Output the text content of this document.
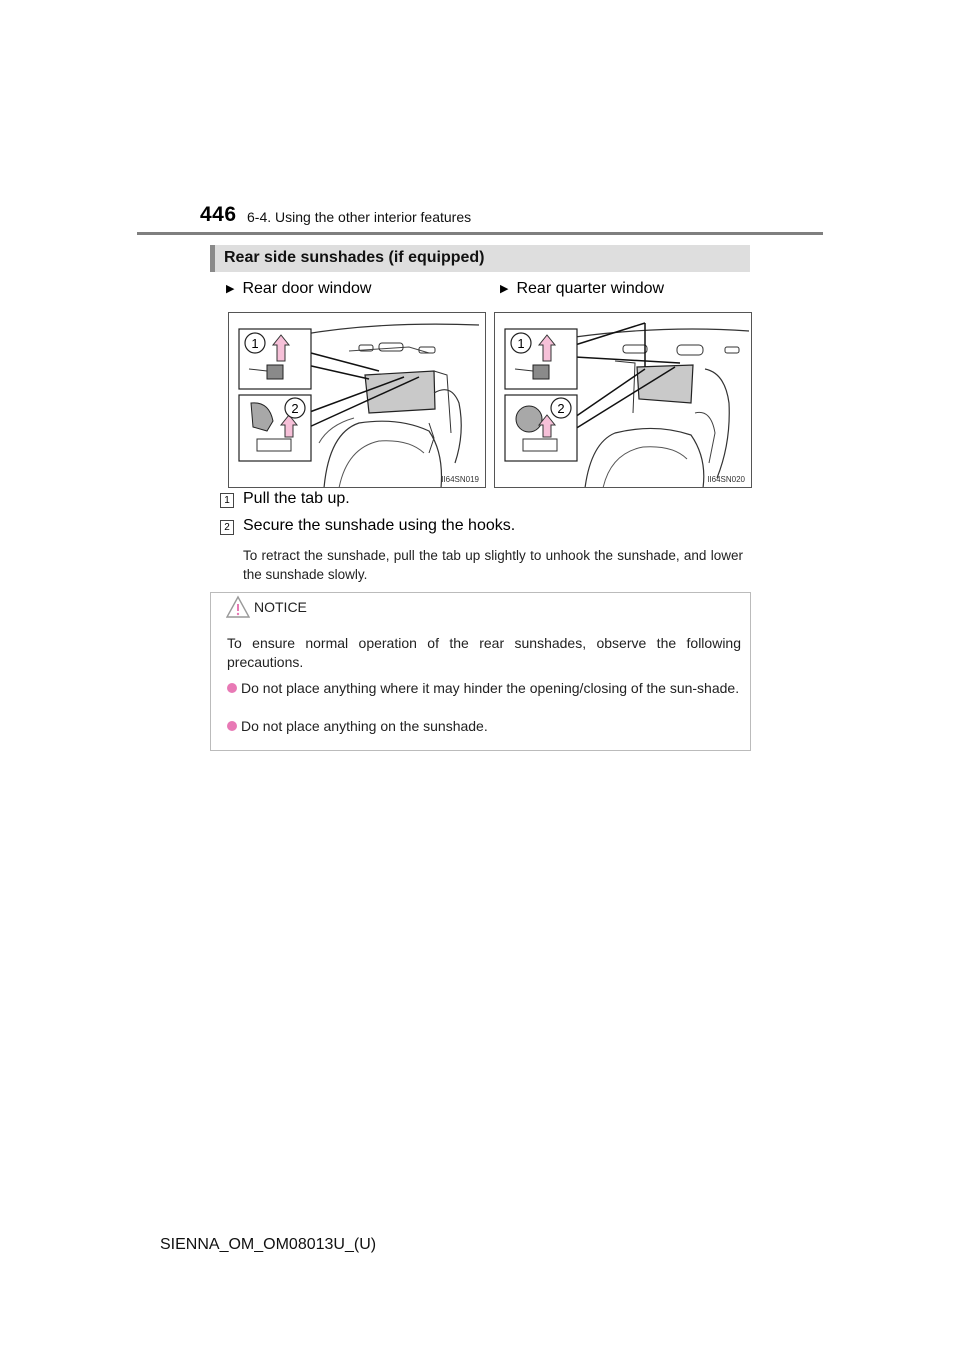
446 6-4. Using the other interior features
Rear side sunshades (if equipped)
▶ Rear door window	▶ Rear quarter window
1
2
II64SN019
1
2
II64SN020
1 Pull the tab up.
2 Secure the sunshade using the hooks.
To retract the sunshade, pull the tab up slightly to unhook the sunshade, and lower the sunshade slowly.
NOTICE
To ensure normal operation of the rear sunshades, observe the following precautions.
Do not place anything where it may hinder the opening/closing of the sun-shade.
Do not place anything on the sunshade.
SIENNA_OM_OM08013U_(U)
